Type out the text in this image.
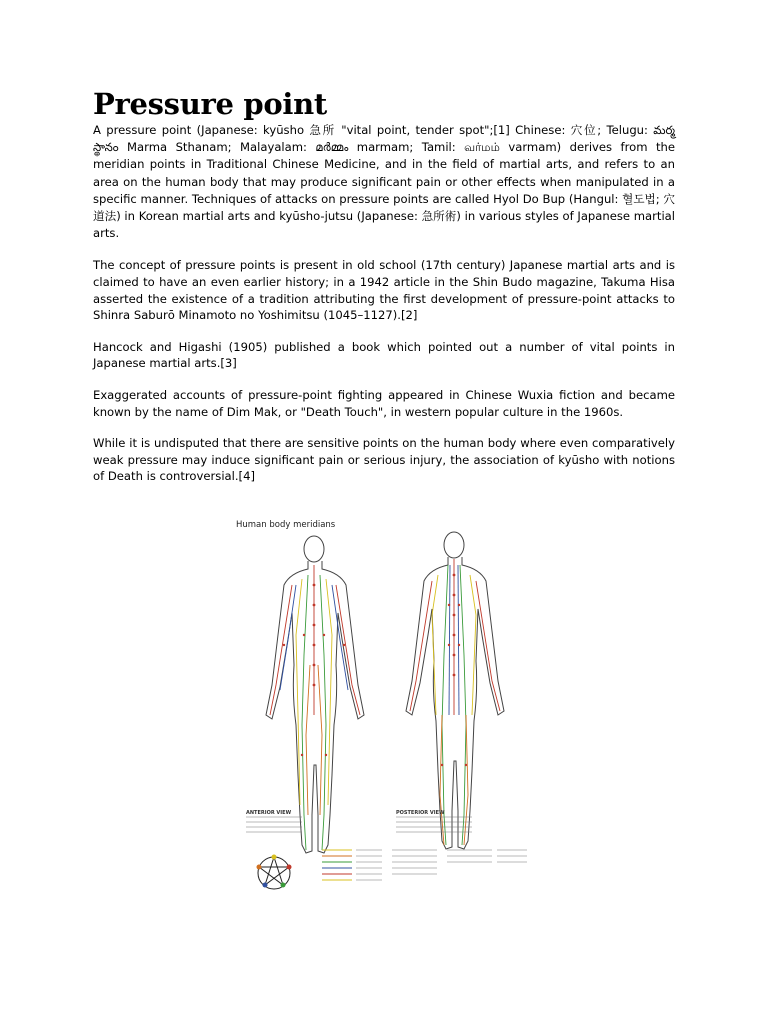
Pressure point

A pressure point (Japanese: kyūsho 急所 "vital point, tender spot";[1] Chinese: 穴位; Telugu: మర్మ స్థానం Marma Sthanam; Malayalam: മർമ്മം marmam; Tamil: வர்மம் varmam) derives from the meridian points in Traditional Chinese Medicine, and in the field of martial arts, and refers to an area on the human body that may produce significant pain or other effects when manipulated in a specific manner. Techniques of attacks on pressure points are called Hyol Do Bup (Hangul: 혈도법; 穴道法) in Korean martial arts and kyūsho-jutsu (Japanese: 急所術) in various styles of Japanese martial arts.

The concept of pressure points is present in old school (17th century) Japanese martial arts and is claimed to have an even earlier history; in a 1942 article in the Shin Budo magazine, Takuma Hisa asserted the existence of a tradition attributing the first development of pressure-point attacks to Shinra Saburō Minamoto no Yoshimitsu (1045–1127).[2]

Hancock and Higashi (1905) published a book which pointed out a number of vital points in Japanese martial arts.[3]

Exaggerated accounts of pressure-point fighting appeared in Chinese Wuxia fiction and became known by the name of Dim Mak, or "Death Touch", in western popular culture in the 1960s.

While it is undisputed that there are sensitive points on the human body where even comparatively weak pressure may induce significant pain or serious injury, the association of kyūsho with notions of Death is controversial.[4]

Human body meridians

ANTERIOR VIEW	POSTERIOR VIEW
